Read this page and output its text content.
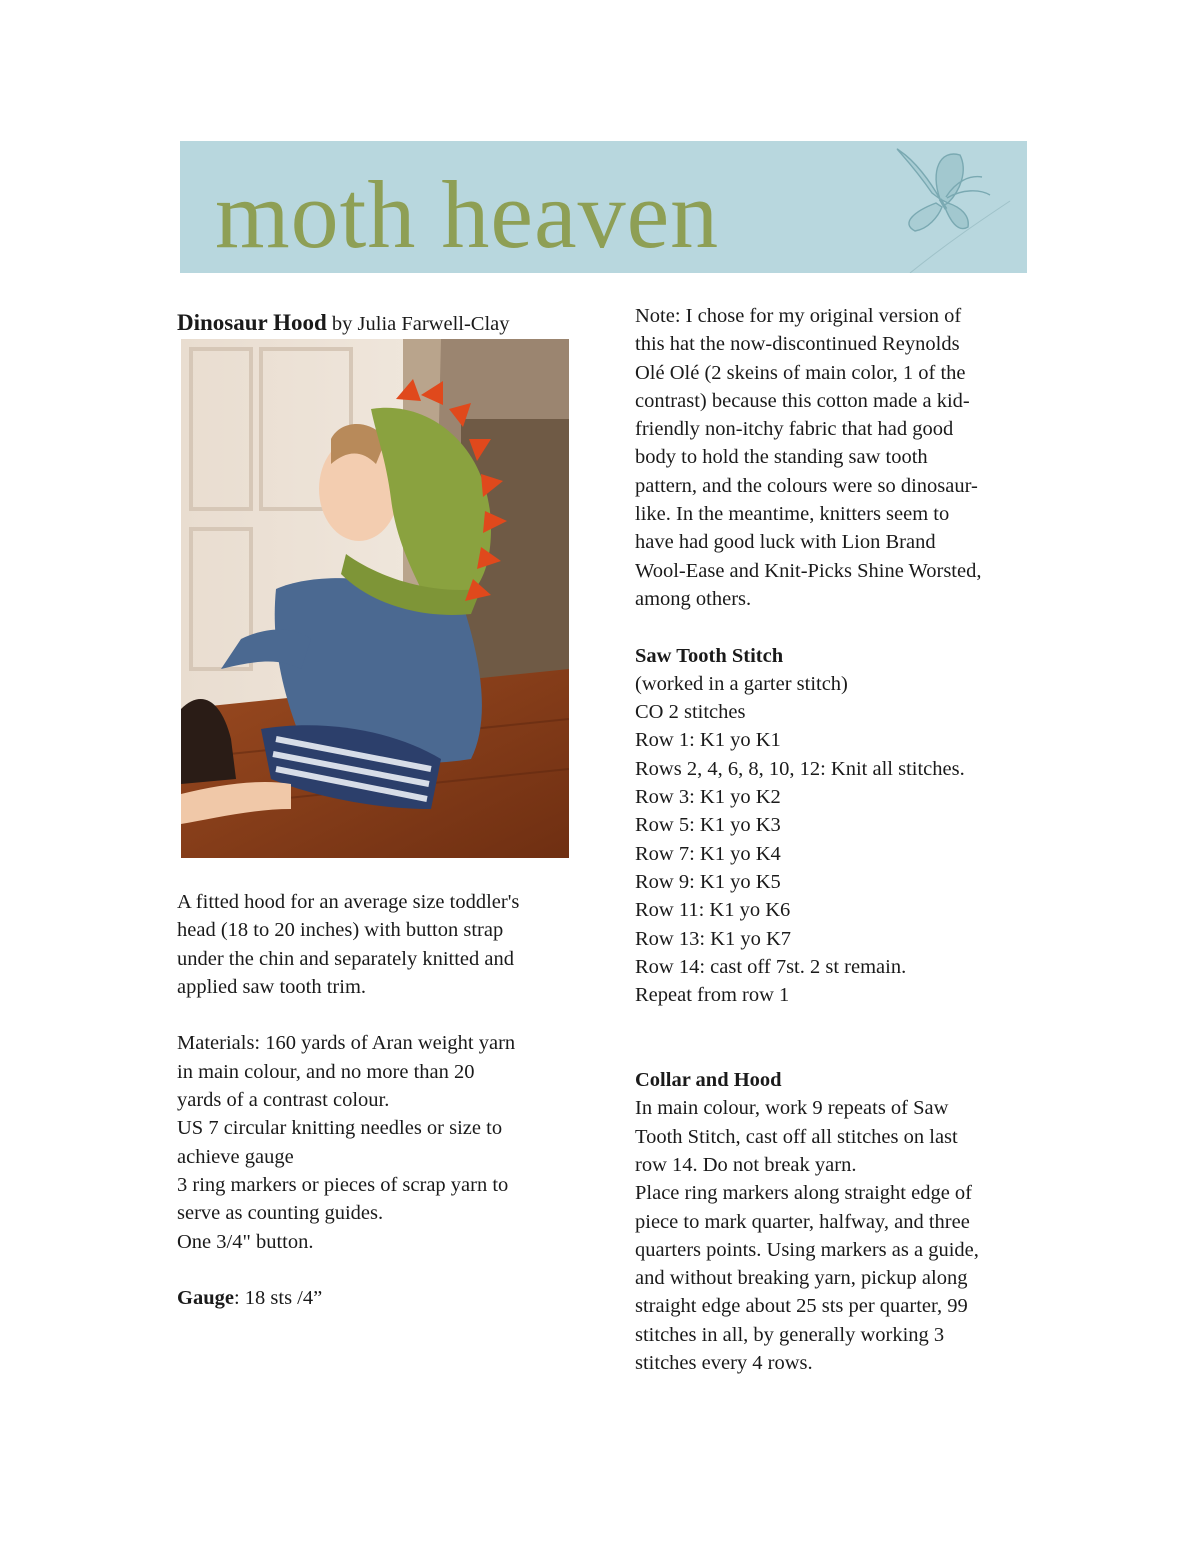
moth heaven
Dinosaur Hood by Julia Farwell-Clay

A fitted hood for an average size toddler's

head (18 to 20 inches) with button strap

under the chin and separately knitted and

applied saw tooth trim.

Materials: 160 yards of Aran weight yarn

in main colour, and no more than 20

yards of a contrast colour.

US 7 circular knitting needles or size to

achieve gauge

3 ring markers or pieces of scrap yarn to

serve as counting guides.

One 3/4" button.

Gauge: 18 sts /4”

Note: I chose for my original version of

this hat the now-discontinued Reynolds

Olé Olé (2 skeins of main color, 1 of the

contrast) because this cotton made a kid-

friendly non-itchy fabric that had good

body to hold the standing saw tooth

pattern, and the colours were so dinosaur-

like. In the meantime, knitters seem to

have had good luck with Lion Brand

Wool-Ease and Knit-Picks Shine Worsted,

among others.

Saw Tooth Stitch

(worked in a garter stitch)

CO 2 stitches

Row 1: K1 yo K1

Rows 2, 4, 6, 8, 10, 12: Knit all stitches.

Row 3: K1 yo K2

Row 5: K1 yo K3

Row 7: K1 yo K4

Row 9: K1 yo K5

Row 11: K1 yo K6

Row 13: K1 yo K7

Row 14: cast off 7st. 2 st remain.

Repeat from row 1

Collar and Hood

In main colour, work 9 repeats of Saw

Tooth Stitch, cast off all stitches on last

row 14. Do not break yarn.

Place ring markers along straight edge of

piece to mark quarter, halfway, and three

quarters points. Using markers as a guide,

and without breaking yarn, pickup along

straight edge about 25 sts per quarter, 99

stitches in all, by generally working 3

stitches every 4 rows.
